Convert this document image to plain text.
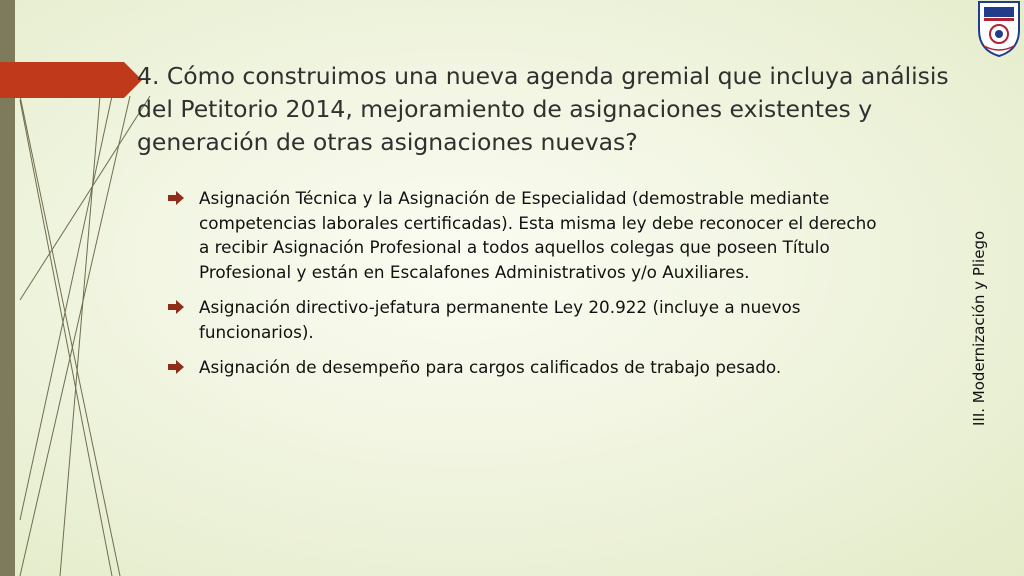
4. Cómo construimos una nueva agenda gremial que incluya análisis del Petitorio 2014, mejoramiento de asignaciones existentes y generación de otras asignaciones nuevas?
Asignación Técnica y la Asignación de Especialidad (demostrable mediante competencias laborales certificadas). Esta misma ley debe reconocer el derecho a recibir Asignación Profesional a todos aquellos colegas que poseen Título Profesional y están en Escalafones Administrativos y/o Auxiliares.
Asignación directivo-jefatura permanente Ley 20.922 (incluye a nuevos funcionarios).
Asignación de desempeño para cargos calificados de trabajo pesado.	III. Modernización y Pliego
